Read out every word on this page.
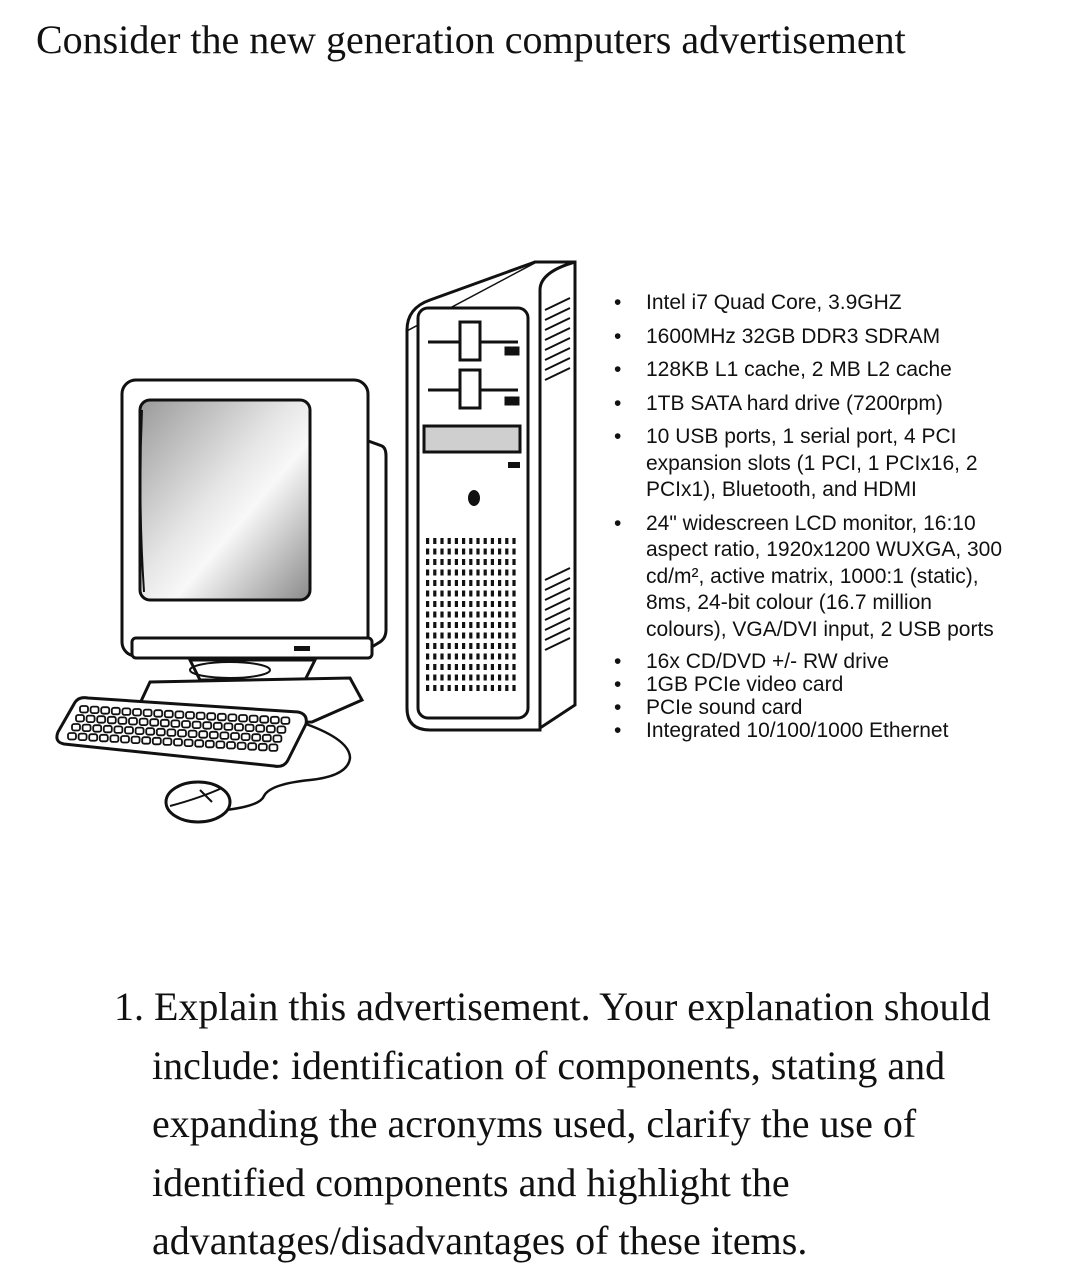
Consider the new generation computers advertisement
• Intel i7 Quad Core, 3.9GHZ
• 1600MHz 32GB DDR3 SDRAM
• 128KB L1 cache, 2 MB L2 cache
• 1TB SATA hard drive (7200rpm)
• 10 USB ports, 1 serial port, 4 PCI expansion slots (1 PCI, 1 PCIx16, 2 PCIx1), Bluetooth, and HDMI
• 24" widescreen LCD monitor, 16:10 aspect ratio, 1920x1200 WUXGA, 300 cd/m², active matrix, 1000:1 (static), 8ms, 24-bit colour (16.7 million colours), VGA/DVI input, 2 USB ports
• 16x CD/DVD +/- RW drive
• 1GB PCIe video card
• PCIe sound card
• Integrated 10/100/1000 Ethernet
1. Explain this advertisement. Your explanation should include: identification of components, stating and expanding the acronyms used, clarify the use of identified components and highlight the advantages/disadvantages of these items.
